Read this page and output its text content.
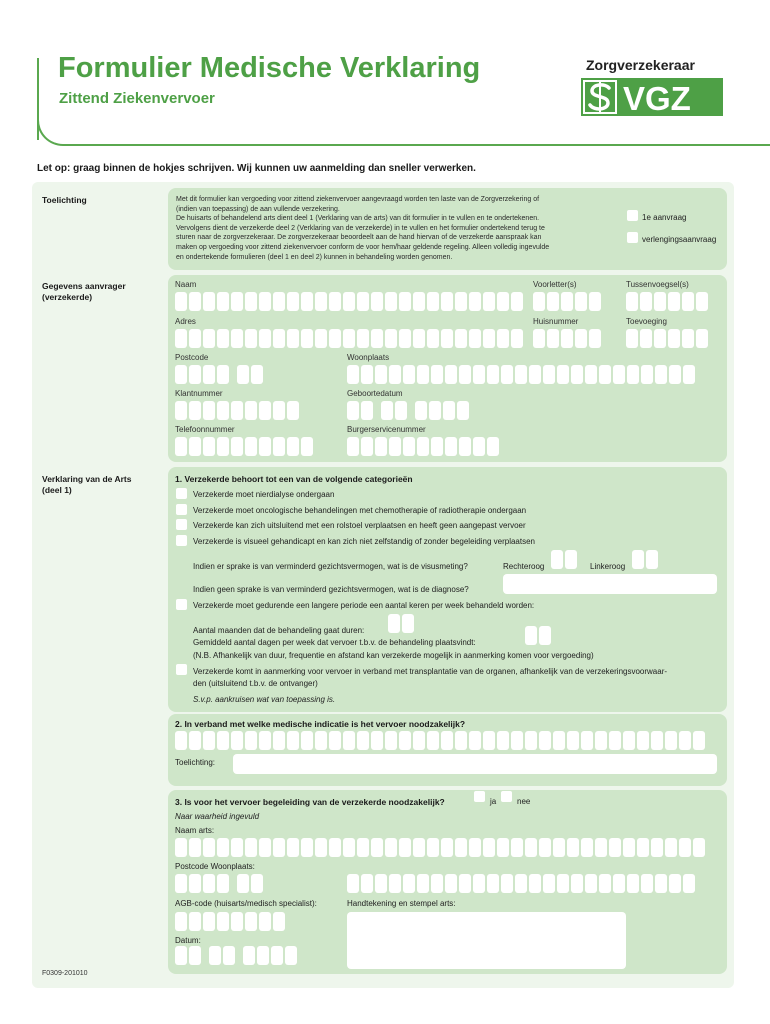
Formulier Medische Verklaring
Zittend Ziekenvervoer
Zorgverzekeraar
VGZ
Let op: graag binnen de hokjes schrijven. Wij kunnen uw aanmelding dan sneller verwerken.
Toelichting	Met dit formulier kan vergoeding voor zittend ziekenvervoer aangevraagd worden ten laste van de Zorgverzekering of
(indien van toepassing) de aan vullende verzekering.
De huisarts of behandelend arts dient deel 1 (Verklaring van de arts) van dit formulier in te vullen en te ondertekenen.
Vervolgens dient de verzekerde deel 2 (Verklaring van de verzekerde) in te vullen en het formulier ondertekend terug te
sturen naar de zorgverzekeraar. De zorgverzekeraar beoordeelt aan de hand hiervan of de verzekerde aanspraak kan
maken op vergoeding voor zittend ziekenvervoer conform de voor hem/haar geldende regeling. Alleen volledig ingevulde
en ondertekende formulieren (deel 1 en deel 2) kunnen in behandeling worden genomen.
1e aanvraag
verlengingsaanvraag
Gegevens aanvrager (verzekerde)
Naam	Voorletter(s)	Tussenvoegsel(s)
Adres	Huisnummer	Toevoeging
Postcode	Woonplaats
Klantnummer	Geboortedatum
Telefoonnummer	Burgerservicenummer
Verklaring van de Arts (deel 1)
1. Verzekerde behoort tot een van de volgende categorieën
Verzekerde moet nierdialyse ondergaan
Verzekerde moet oncologische behandelingen met chemotherapie of radiotherapie ondergaan
Verzekerde kan zich uitsluitend met een rolstoel verplaatsen en heeft geen aangepast vervoer
Verzekerde is visueel gehandicapt en kan zich niet zelfstandig of zonder begeleiding verplaatsen
Indien er sprake is van verminderd gezichtsvermogen, wat is de visusmeting?	Rechteroog	Linkeroog
Indien geen sprake is van verminderd gezichtsvermogen, wat is de diagnose?
Verzekerde moet gedurende een langere periode een aantal keren per week behandeld worden:
Aantal maanden dat de behandeling gaat duren:
Gemiddeld aantal dagen per week dat vervoer t.b.v. de behandeling plaatsvindt:
(N.B. Afhankelijk van duur, frequentie en afstand kan verzekerde mogelijk in aanmerking komen voor vergoeding)
Verzekerde komt in aanmerking voor vervoer in verband met transplantatie van de organen, afhankelijk van de verzekeringsvoorwaar-
den (uitsluitend t.b.v. de ontvanger)
S.v.p. aankruisen wat van toepassing is.
2. In verband met welke medische indicatie is het vervoer noodzakelijk?
Toelichting:
3. Is voor het vervoer begeleiding van de verzekerde noodzakelijk?	ja	nee
Naar waarheid ingevuld
Naam arts:
Postcode Woonplaats:
AGB-code (huisarts/medisch specialist):	Handtekening en stempel arts:
Datum:
F0309-201010
